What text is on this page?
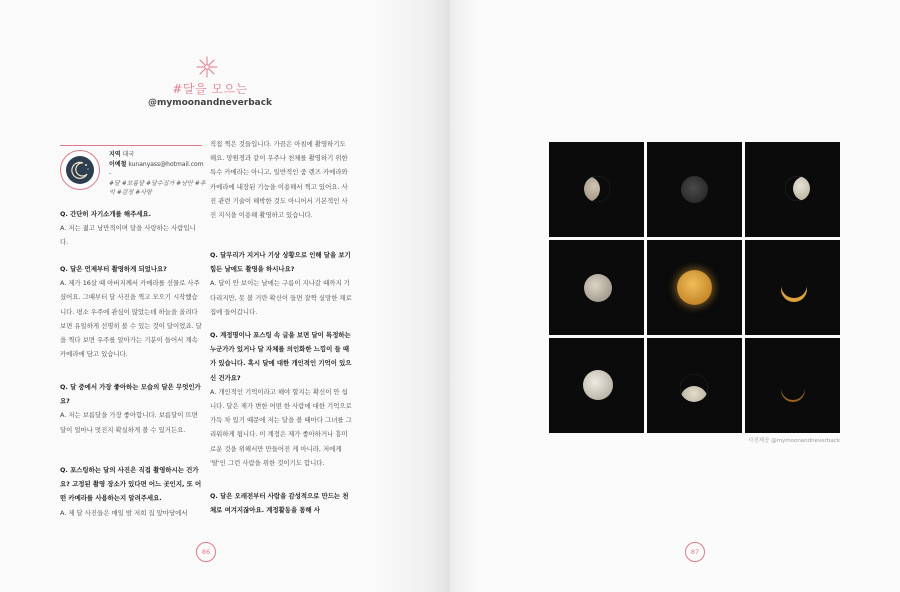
#달을 모으는
@mymoonandneverback
지역 대국
이예철 kunanyass@hotmail.com
-
#달 #보름달 #달수집가 #낭만 #추억 #감정 #사랑
Q. 간단히 자기소개를 해주세요.
A. 저는 젊고 낭만적이며 달을 사랑하는 사람입니다.
Q. 달은 언제부터 촬영하게 되었나요?
A. 제가 16살 때 아버지께서 카메라를 선물로 사주셨어요. 그때부터 달 사진을 찍고 모으기 시작했습니다. 평소 우주에 관심이 많았는데 하늘을 올려다보면 유일하게 선명히 볼 수 있는 것이 달이었죠. 달을 찍다 보면 우주를 알아가는 기분이 들어서 계속 카메라에 담고 있습니다.
Q. 달 중에서 가장 좋아하는 모습의 달은 무엇인가요?
A. 저는 보름달을 가장 좋아합니다. 보름달이 뜨면 달이 얼마나 멋진지 확실하게 볼 수 있거든요.
Q. 포스팅하는 달의 사진은 직접 촬영하시는 건가요? 고정된 촬영 장소가 있다면 어느 곳인지, 또 어떤 카메라를 사용하는지 알려주세요.
A. 제 달 사진들은 매일 밤 저희 집 앞마당에서
직접 찍은 것들입니다. 가끔은 아침에 촬영하기도 해요. 망원경과 같이 우주나 천체를 촬영하기 위한 특수 카메라는 아니고, 일반적인 줌 렌즈 카메라와 카메라에 내장된 기능을 이용해서 찍고 있어요. 사진 관련 기술이 해박한 것도 아니어서 기본적인 사진 지식을 이용해 촬영하고 있습니다.
Q. 달무리가 지거나 기상 상황으로 인해 달을 보기 힘든 날에도 촬영을 하시나요?
A. 달이 안 보이는 날에는 구름이 지나갈 때까지 기다리지만, 못 볼 거란 확신이 들면 잘짝 실망한 채로 집에 들어갑니다.
Q. 계정명이나 포스팅 속 글을 보면 달이 특정하는 누군가가 있거나 달 자체를 의인화한 느낌이 들 때가 있습니다. 혹시 달에 대한 개인적인 기억이 있으신 건가요?
A. 개인적인 기억이라고 해야 할지는 확신이 안 섭니다. 달은 제가 변한 어떤 한 사람에 대한 기억으로 가득 차 있기 때문에 저는 달을 볼 때마다 그녀를 그리워하게 됩니다. 이 계정은 제가 좋아하거나 흥미로운 것을 위해서만 만들어진 게 아니라, 저에게 '탈'인 그런 사람을 위한 것이기도 합니다.
Q. 달은 오래전부터 사람을 감성적으로 만드는 천체로 여겨지잖아요. 계정활동을 통해 사
86	87
사진제공 @mymoonandneverback
